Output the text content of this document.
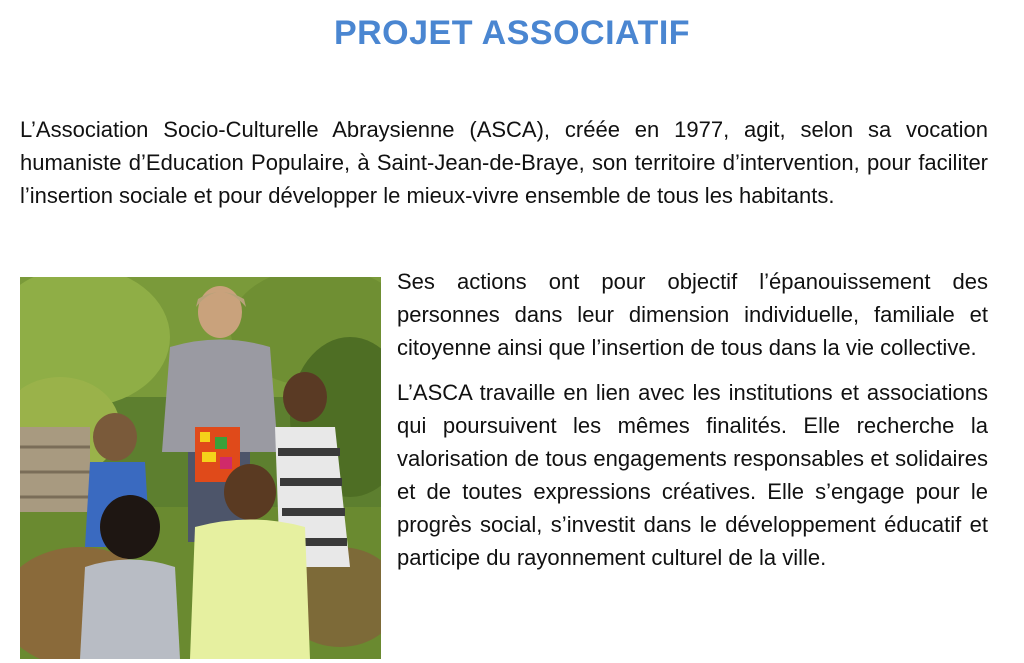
PROJET ASSOCIATIF

L’Association Socio-Culturelle Abraysienne (ASCA), créée en 1977, agit, selon sa vocation humaniste d’Education Populaire, à Saint-Jean-de-Braye, son territoire d’intervention, pour faciliter l’insertion sociale et pour développer le mieux-vivre ensemble de tous les habitants.

Ses actions ont pour objectif l’épanouissement des personnes dans leur dimension individuelle, familiale et citoyenne ainsi que l’insertion de tous dans la vie collective.

L’ASCA travaille en lien avec les institutions et associations qui poursuivent les mêmes finalités. Elle recherche la valorisation de tous engagements responsables et solidaires et de toutes expressions créatives. Elle s’engage pour le progrès social, s’investit dans le développement éducatif et participe du rayonnement culturel de la ville.
